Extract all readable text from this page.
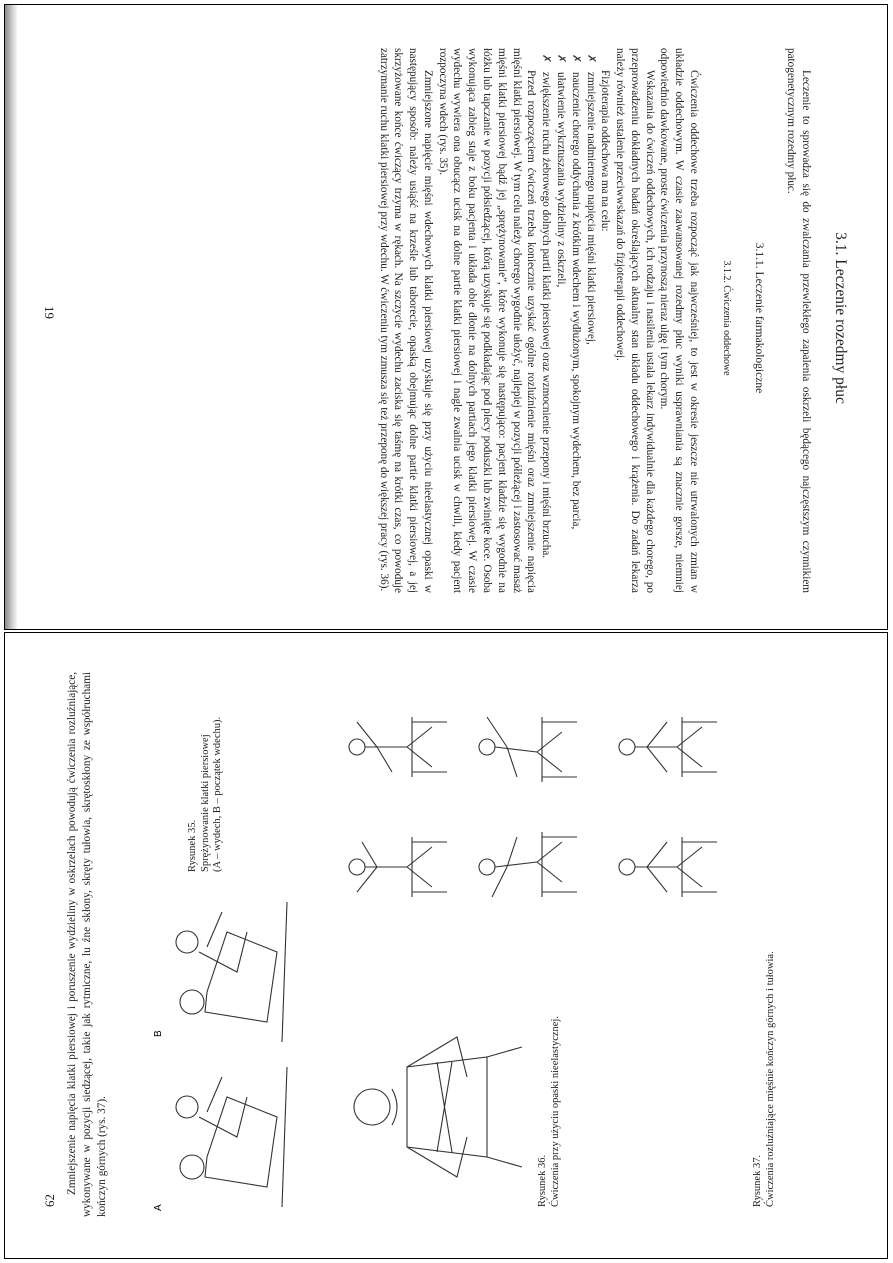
3.1. Leczenie rozedmy płuc

Leczenie to sprowadza się do zwalczania przewlekłego zapalenia oskrzeli będącego najczęstszym czynnikiem patogenetycznym rozedmy płuc.

3.1.1. Leczenie farmakologiczne
3.1.2. Ćwiczenia oddechowe

Ćwiczenia oddechowe trzeba rozpocząć jak najwcześniej, to jest w okresie jeszcze nie utrwalonych zmian w układzie oddechowym. W czasie zaawansowanej rozedmy płuc wyniki usprawniania są znacznie gorsze, niemniej odpowiednio dawkowane, proste ćwiczenia przynoszą nieraz ulgę i tym chorym.

Wskazania do ćwiczeń oddechowych, ich rodzaju i nasilenia ustala lekarz indywidualnie dla każdego chorego, po przeprowadzeniu dokładnych badań określających aktualny stan układu oddechowego i krążenia. Do zadań lekarza należy również ustalenie przeciwwskazań do fizjoterapii oddechowej.

Fizjoterapia oddechowa ma na celu:

✗
zmniejszenie nadmiernego napięcia mięśni klatki piersiowej,
✗
nauczenie chorego oddychania z krótkim wdechem i wydłużonym, spokojnym wydechem, bez parcia,
✗
ułatwienie wykrztuszania wydzieliny z oskrzeli,
✗
zwiększenie ruchu żebrowego dolnych partii klatki piersiowej oraz wzmocnienie przepony i mięśni brzucha.

Przed rozpoczęciem ćwiczeń trzeba koniecznie uzyskać ogólne rozluźnienie mięśni oraz zmniejszenie napięcia mięśni klatki piersiowej. W tym celu należy chorego wygodnie ułożyć, najlepiej w pozycji półleżącej i zastosować masaż mięśni klatki piersiowej bądź jej „sprężynowanie”, które wykonuje się następująco: pacjent kładzie się wygodnie na łóżku lub tapczanie w pozycji półsiedzącej, którą uzyskuje się podkładając pod plecy poduszki lub zwinięte koce. Osoba wykonująca zabieg staje z boku pacjenta i układa obie dłonie na dolnych partiach jego klatki piersiowej. W czasie wydechu wywiera ona obucącz ucisk na dolne partie klatki piersiowej i nagle zwalnia ucisk w chwili, kiedy pacjent rozpoczyna wdech (rys. 35).

Zmniejszone napięcie mięśni wdechowych klatki piersiowej uzyskuje się przy użyciu nieelastycznej opaski w następujący sposób: należy usiąść na krześle lub taborecie, opaską obejmując dolne partie klatki piersiowej, a jej skrzyżowane końce ćwiczący trzyma w rękach. Na szczycie wydechu zaciska się taśmę na krótki czas, co powoduje zatrzymanie ruchu klatki piersiowej przy wdechu. W ćwiczeniu tym zmusza się też przeponę do większej pracy (rys. 36).

19
62

Zmniejszenie napięcia klatki piersiowej i poruszenie wydzieliny w oskrzelach powodują ćwiczenia rozluźniające, wykonywane w pozycji siedzącej, takie jak rytmiczne, lu źne skłony, skręty tułowia, skrętoskłony ze współruchami kończyn górnych (rys. 37).	A
B
Rysunek 35. Sprężynowanie klatki piersiowej (A – wydech, B – początek wdechu).
Rysunek 36. Ćwiczenia przy użyciu opaski nieelastycznej.	Rysunek 37. Ćwiczenia rozluźniające mięśnie kończyn górnych i tułowia.
